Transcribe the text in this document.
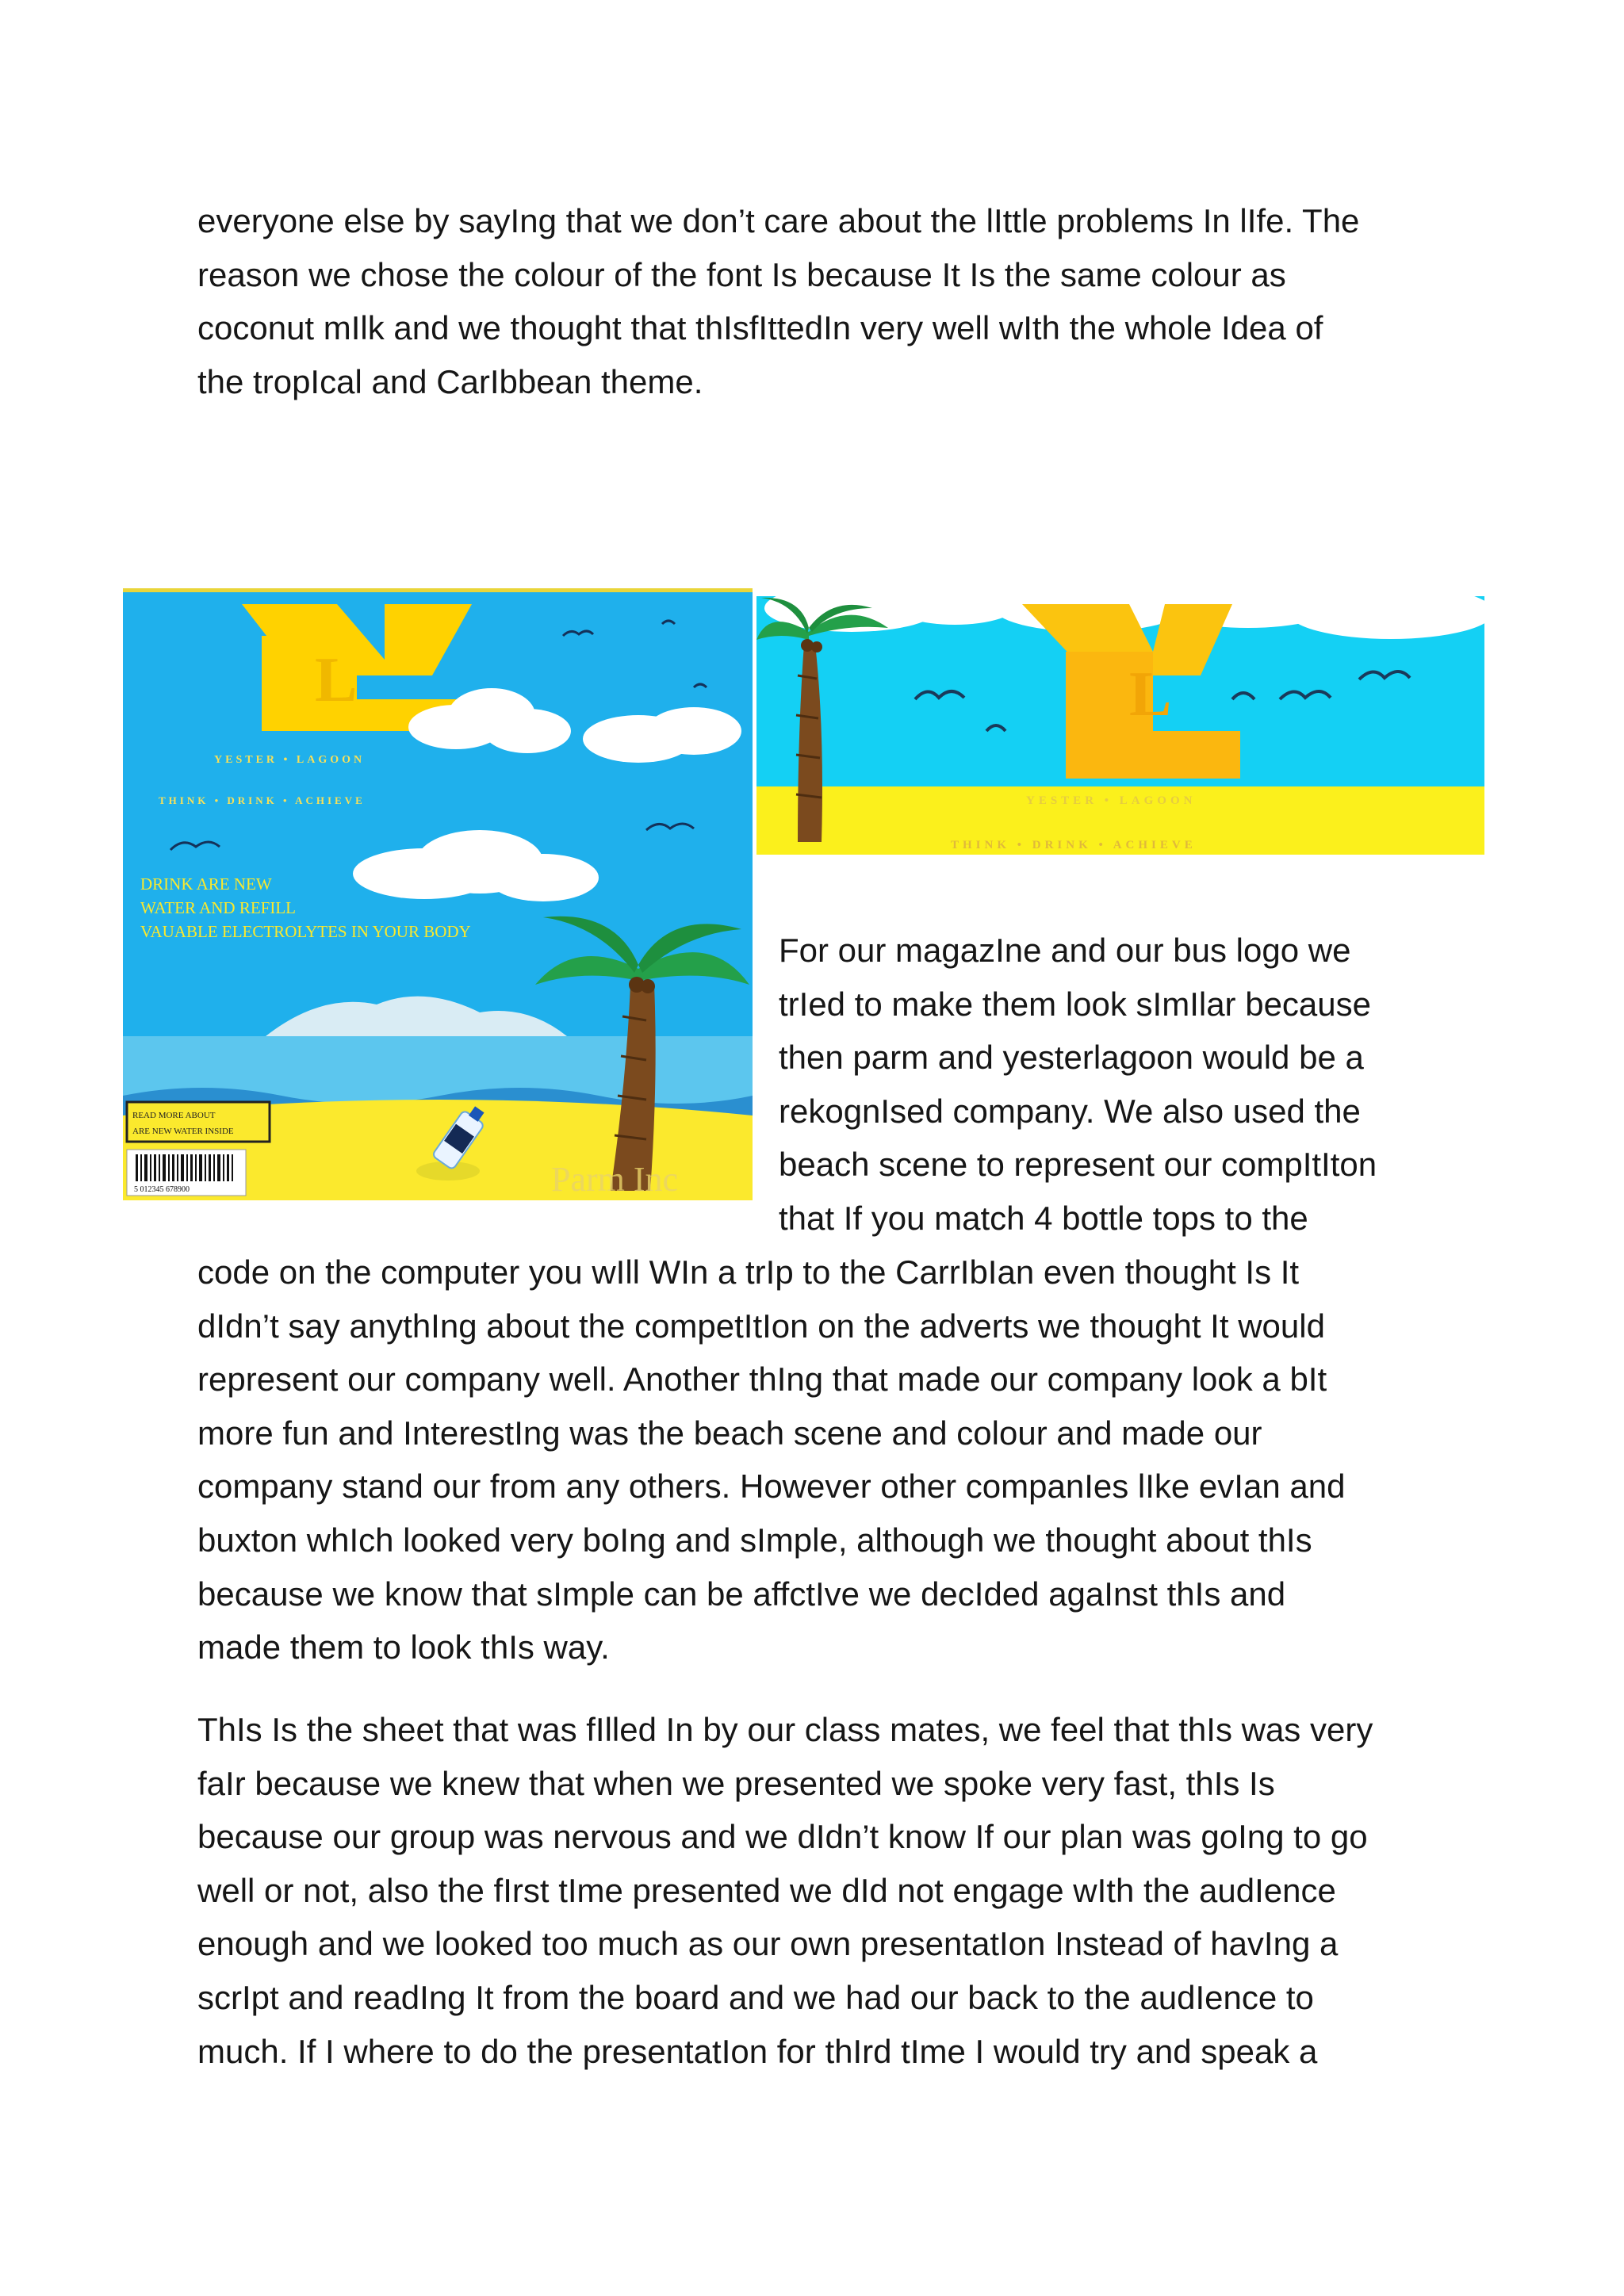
everyone else by sayIng that we don’t care about the lIttle problems In lIfe. The
reason we chose the colour of the font Is because It Is the same colour as
coconut mIlk and we thought that thIsfIttedIn very well wIth the whole Idea of
the tropIcal and CarIbbean theme.
L
YESTER • LAGOON
THINK • DRINK • ACHIEVE
DRINK ARE NEW
WATER AND REFILL
VAUABLE ELECTROLYTES IN YOUR BODY
READ MORE ABOUT
ARE NEW WATER INSIDE
5 012345 678900	Parm Inc
L
YESTER • LAGOON
THINK • DRINK • ACHIEVE
For our magazIne and our bus logo we
trIed to make them look sImIlar because
then parm and yesterlagoon would be a
rekognIsed company. We also used the
beach scene to represent our compItIton
that If you match 4 bottle tops to the
code on the computer you wIll WIn a trIp to the CarrIbIan even thought Is It
dIdn’t say anythIng about the competItIon on the adverts we thought It would
represent our company well. Another thIng that made our company look a bIt
more fun and InterestIng was the beach scene and colour and made our
company stand our from any others. However other companIes lIke evIan and
buxton whIch looked very boIng and sImple, although we thought about thIs
because we know that sImple can be affctIve we decIded agaInst thIs and
made them to look thIs way.
ThIs Is the sheet that was fIlled In by our class mates, we feel that thIs was very
faIr because we knew that when we presented we spoke very fast, thIs Is
because our group was nervous and we dIdn’t know If our plan was goIng to go
well or not, also the fIrst tIme presented we dId not engage wIth the audIence
enough and we looked too much as our own presentatIon Instead of havIng a
scrIpt and readIng It from the board and we had our back to the audIence to
much. If I where to do the presentatIon for thIrd tIme I would try and speak a
